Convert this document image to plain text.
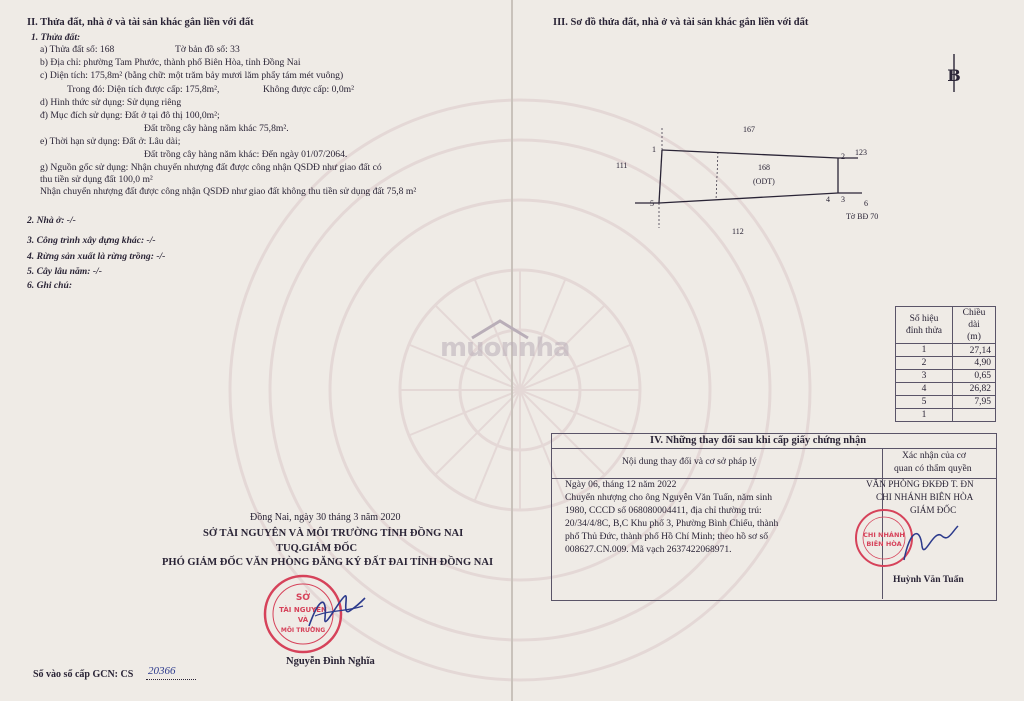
muonnha
II. Thửa đất, nhà ở và tài sản khác gắn liền với đất
1. Thửa đất:
a) Thửa đất số: 168	Tờ bản đồ số: 33
b) Địa chỉ: phường Tam Phước, thành phố Biên Hòa, tỉnh Đồng Nai
c) Diện tích: 175,8m² (bằng chữ: một trăm bảy mươi lăm phẩy tám mét vuông)
Trong đó: Diện tích được cấp: 175,8m²,	Không được cấp: 0,0m²
d) Hình thức sử dụng: Sử dụng riêng
đ) Mục đích sử dụng: Đất ở tại đô thị 100,0m²;
Đất trồng cây hàng năm khác 75,8m².
e) Thời hạn sử dụng: Đất ở: Lâu dài;
Đất trồng cây hàng năm khác: Đến ngày 01/07/2064.
g) Nguồn gốc sử dụng: Nhận chuyển nhượng đất được công nhận QSDĐ như giao đất có
thu tiền sử dụng đất 100,0 m²
Nhận chuyển nhượng đất được công nhận QSDĐ như giao đất không thu tiền sử dụng đất 75,8 m²
2. Nhà ở: -/-
3. Công trình xây dựng khác: -/-
4. Rừng sản xuất là rừng trồng: -/-
5. Cây lâu năm: -/-
6. Ghi chú:
Đồng Nai, ngày 30 tháng 3 năm 2020
SỞ TÀI NGUYÊN VÀ MÔI TRƯỜNG TỈNH ĐỒNG NAI
TUQ.GIÁM ĐỐC
PHÓ GIÁM ĐỐC VĂN PHÒNG ĐĂNG KÝ ĐẤT ĐAI TỈNH ĐỒNG NAI
SỞ
TÀI NGUYÊN
VÀ
MÔI TRƯỜNG
Nguyễn Đình Nghĩa
Số vào sổ cấp GCN: CS 20366
III. Sơ đồ thửa đất, nhà ở và tài sản khác gắn liền với đất
B
167
111
123
168
(ODT)
112
6
Tờ BĐ 70
1
2
3
4
5
Số hiệu
đỉnh thửa	Chiều dài
(m)
1	27,14
2	4,90
3	0,65
4	26,82
5	7,95
1	
IV. Những thay đổi sau khi cấp giấy chứng nhận
Nội dung thay đổi và cơ sở pháp lý
Xác nhận của cơ
quan có thẩm quyền
Ngày 06, tháng 12 năm 2022
Chuyển nhượng cho ông Nguyễn Văn Tuấn, năm sinh
1980, CCCD số 068080004411, địa chỉ thường trú:
20/34/4/8C, B,C Khu phố 3, Phường Bình Chiểu, thành
phố Thủ Đức, thành phố Hồ Chí Minh; theo hồ sơ số
008627.CN.009. Mã vạch 2637422068971.
VĂN PHÒNG ĐKĐĐ T. ĐN
CHI NHÁNH BIÊN HÒA
GIÁM ĐỐC
CHI NHÁNH
BIÊN HÒA
Huỳnh Văn Tuấn
